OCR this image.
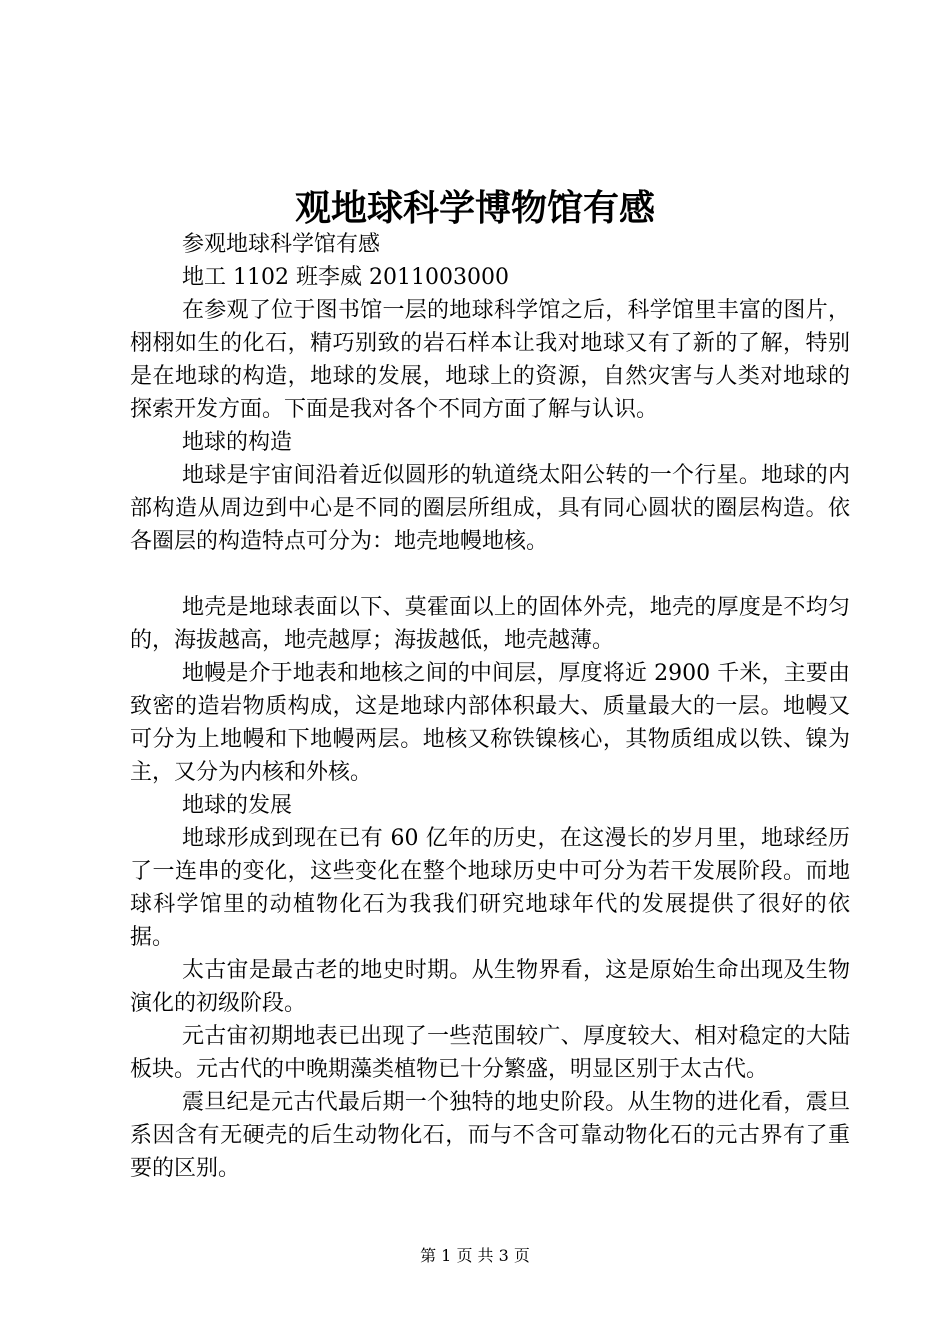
观地球科学博物馆有感

参观地球科学馆有感

地工 1102 班李威 2011003000

在参观了位于图书馆一层的地球科学馆之后，科学馆里丰富的图片，栩栩如生的化石，精巧别致的岩石样本让我对地球又有了新的了解，特别是在地球的构造，地球的发展，地球上的资源，自然灾害与人类对地球的探索开发方面。下面是我对各个不同方面了解与认识。

地球的构造

地球是宇宙间沿着近似圆形的轨道绕太阳公转的一个行星。地球的内部构造从周边到中心是不同的圈层所组成，具有同心圆状的圈层构造。依各圈层的构造特点可分为：地壳地幔地核。

地壳是地球表面以下、莫霍面以上的固体外壳，地壳的厚度是不均匀的，海拔越高，地壳越厚；海拔越低，地壳越薄。

地幔是介于地表和地核之间的中间层，厚度将近 2900 千米，主要由致密的造岩物质构成，这是地球内部体积最大、质量最大的一层。地幔又可分为上地幔和下地幔两层。地核又称铁镍核心，其物质组成以铁、镍为主，又分为内核和外核。

地球的发展

地球形成到现在已有 60 亿年的历史，在这漫长的岁月里，地球经历了一连串的变化，这些变化在整个地球历史中可分为若干发展阶段。而地球科学馆里的动植物化石为我我们研究地球年代的发展提供了很好的依据。

太古宙是最古老的地史时期。从生物界看，这是原始生命出现及生物演化的初级阶段。

元古宙初期地表已出现了一些范围较广、厚度较大、相对稳定的大陆板块。元古代的中晚期藻类植物已十分繁盛，明显区别于太古代。

震旦纪是元古代最后期一个独特的地史阶段。从生物的进化看，震旦系因含有无硬壳的后生动物化石，而与不含可靠动物化石的元古界有了重要的区别。

第 1 页 共 3 页
